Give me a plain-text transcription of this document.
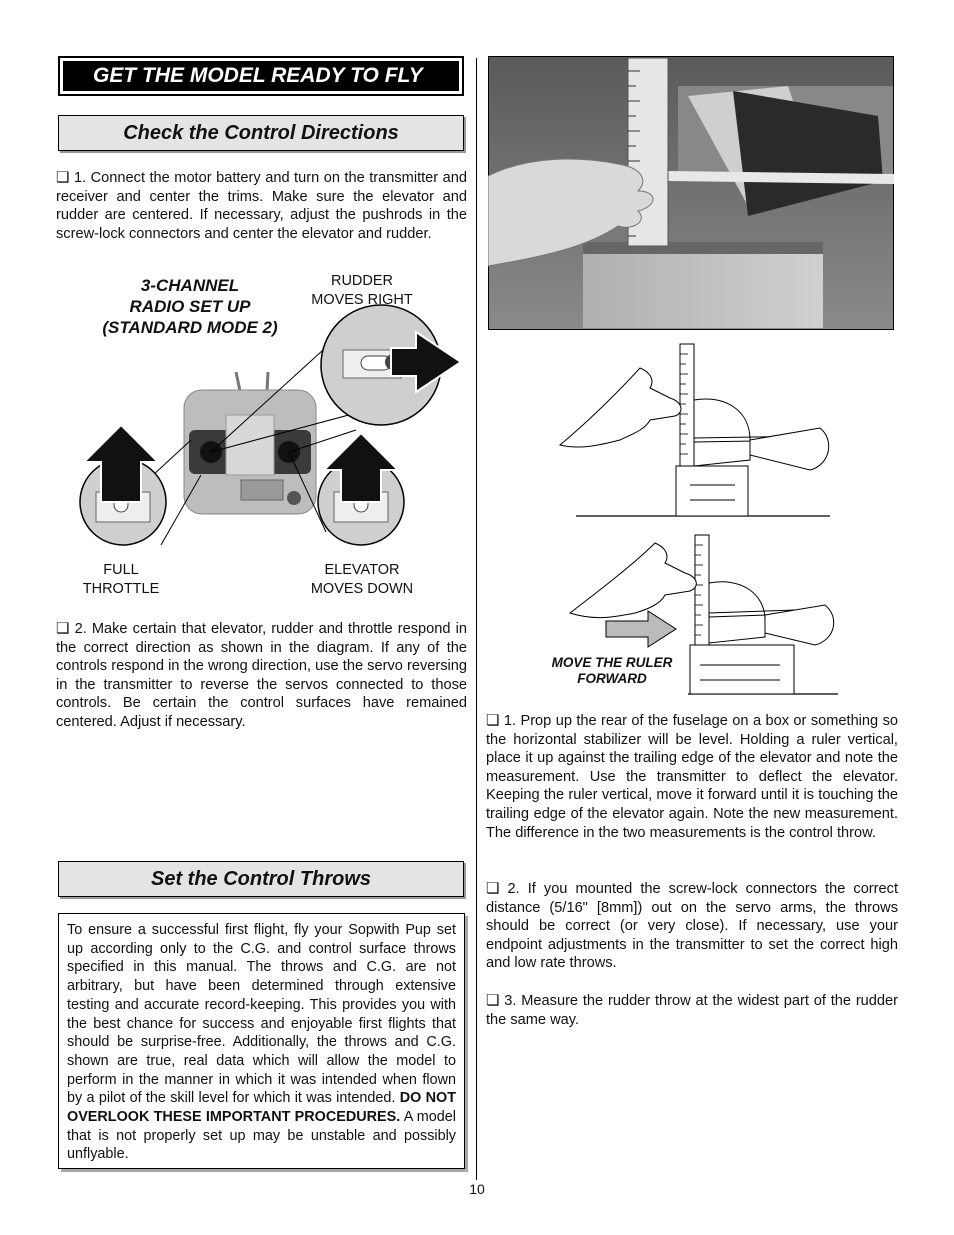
GET THE MODEL READY TO FLY
Check the Control Directions
❏ 1. Connect the motor battery and turn on the transmitter and receiver and center the trims. Make sure the elevator and rudder are centered. If necessary, adjust the pushrods in the screw-lock connectors and center the elevator and rudder.
3-CHANNEL
RADIO SET UP
(STANDARD MODE 2)
RUDDER
MOVES RIGHT
FULL
THROTTLE
ELEVATOR
MOVES DOWN
❏ 2. Make certain that elevator, rudder and throttle respond in the correct direction as shown in the diagram. If any of the controls respond in the wrong direction, use the servo reversing in the transmitter to reverse the servos connected to those controls. Be certain the control surfaces have remained centered. Adjust if necessary.
Set the Control Throws
To ensure a successful first flight, fly your Sopwith Pup set up according only to the C.G. and control surface throws specified in this manual. The throws and C.G. are not arbitrary, but have been determined through extensive testing and accurate record-keeping. This provides you with the best chance for success and enjoyable first flights that should be surprise-free. Additionally, the throws and C.G. shown are true, real data which will allow the model to perform in the manner in which it was intended when flown by a pilot of the skill level for which it was intended. DO NOT OVERLOOK THESE IMPORTANT PROCEDURES. A model that is not properly set up may be unstable and possibly unflyable.
MOVE THE RULER
FORWARD
❏ 1. Prop up the rear of the fuselage on a box or something so the horizontal stabilizer will be level. Holding a ruler vertical, place it up against the trailing edge of the elevator and note the measurement. Use the transmitter to deflect the elevator. Keeping the ruler vertical, move it forward until it is touching the trailing edge of the elevator again. Note the new measurement. The difference in the two measurements is the control throw.
❏ 2. If you mounted the screw-lock connectors the correct distance (5/16" [8mm]) out on the servo arms, the throws should be correct (or very close). If necessary, use your endpoint adjustments in the transmitter to set the correct high and low rate throws.
❏ 3. Measure the rudder throw at the widest part of the rudder the same way.
10
